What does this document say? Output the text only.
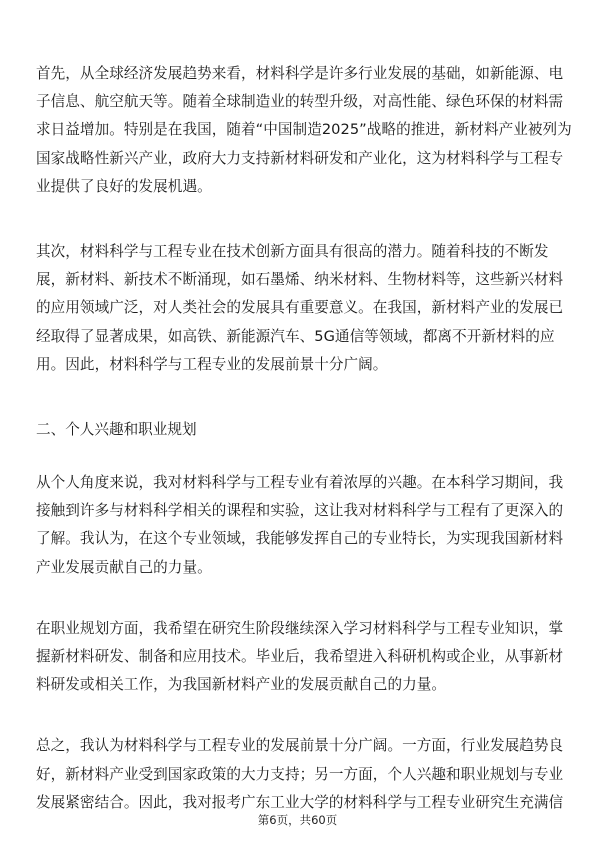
首先，从全球经济发展趋势来看，材料科学是许多行业发展的基础，如新能源、电
子信息、航空航天等。随着全球制造业的转型升级，对高性能、绿色环保的材料需
求日益增加。特别是在我国，随着“中国制造2025”战略的推进，新材料产业被列为
国家战略性新兴产业，政府大力支持新材料研发和产业化，这为材料科学与工程专
业提供了良好的发展机遇。
其次，材料科学与工程专业在技术创新方面具有很高的潜力。随着科技的不断发
展，新材料、新技术不断涌现，如石墨烯、纳米材料、生物材料等，这些新兴材料
的应用领域广泛，对人类社会的发展具有重要意义。在我国，新材料产业的发展已
经取得了显著成果，如高铁、新能源汽车、5G通信等领域，都离不开新材料的应
用。因此，材料科学与工程专业的发展前景十分广阔。
二、个人兴趣和职业规划
从个人角度来说，我对材料科学与工程专业有着浓厚的兴趣。在本科学习期间，我
接触到许多与材料科学相关的课程和实验，这让我对材料科学与工程有了更深入的
了解。我认为，在这个专业领域，我能够发挥自己的专业特长，为实现我国新材料
产业发展贡献自己的力量。
在职业规划方面，我希望在研究生阶段继续深入学习材料科学与工程专业知识，掌
握新材料研发、制备和应用技术。毕业后，我希望进入科研机构或企业，从事新材
料研发或相关工作，为我国新材料产业的发展贡献自己的力量。
总之，我认为材料科学与工程专业的发展前景十分广阔。一方面，行业发展趋势良
好，新材料产业受到国家政策的大力支持；另一方面，个人兴趣和职业规划与专业
发展紧密结合。因此，我对报考广东工业大学的材料科学与工程专业研究生充满信
第6页，共60页
